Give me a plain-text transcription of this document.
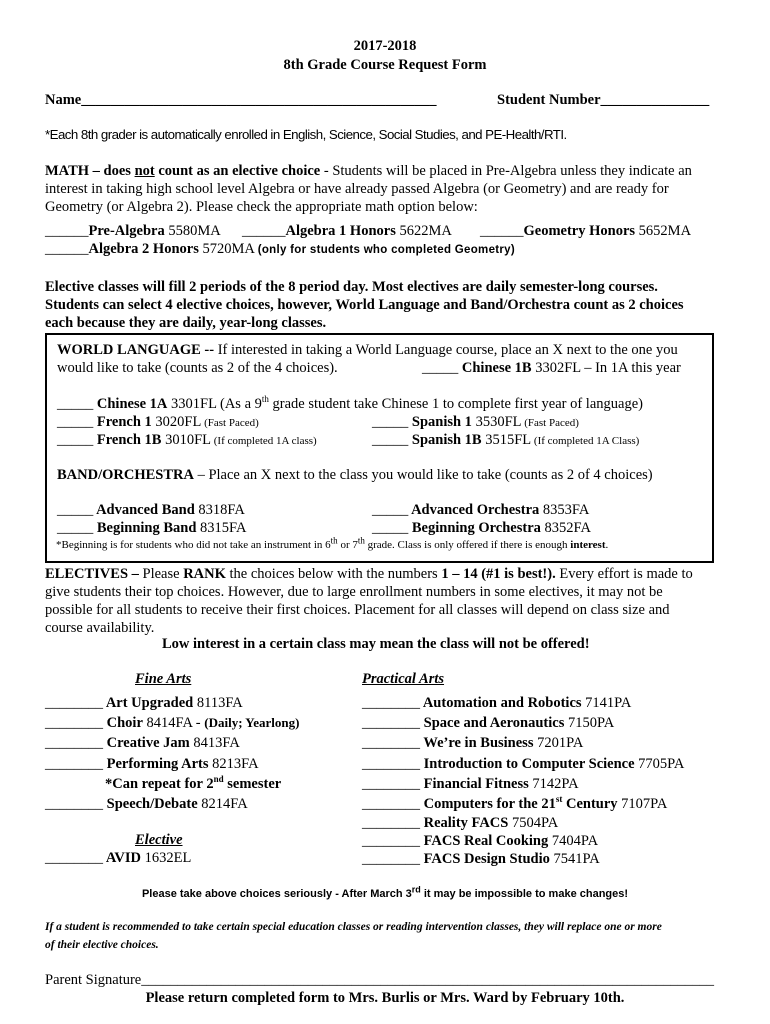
2017-2018
8th Grade Course Request Form
Name_________________________________________________	Student Number_______________
*Each 8th grader is automatically enrolled in English, Science, Social Studies, and PE-Health/RTI.
MATH – does not count as an elective choice - Students will be placed in Pre-Algebra unless they indicate an
interest in taking high school level Algebra or have already passed Algebra (or Geometry) and are ready for
Geometry (or Algebra 2). Please check the appropriate math option below:
______Pre-Algebra 5580MA ______Algebra 1 Honors 5622MA ______Geometry Honors 5652MA
______Algebra 2 Honors 5720MA (only for students who completed Geometry)
Elective classes will fill 2 periods of the 8 period day. Most electives are daily semester-long courses.
Students can select 4 elective choices, however, World Language and Band/Orchestra count as 2 choices
each because they are daily, year-long classes.
WORLD LANGUAGE -- If interested in taking a World Language course, place an X next to the one you
would like to take (counts as 2 of the 4 choices).	_____ Chinese 1B 3302FL – In 1A this year
_____ Chinese 1A 3301FL (As a 9th grade student take Chinese 1 to complete first year of language)
_____ French 1 3020FL (Fast Paced)	_____ Spanish 1 3530FL (Fast Paced)
_____ French 1B 3010FL (If completed 1A class)	_____ Spanish 1B 3515FL (If completed 1A Class)
BAND/ORCHESTRA – Place an X next to the class you would like to take (counts as 2 of 4 choices)
_____ Advanced Band 8318FA	_____ Advanced Orchestra 8353FA
_____ Beginning Band 8315FA	_____ Beginning Orchestra 8352FA
*Beginning is for students who did not take an instrument in 6th or 7th grade. Class is only offered if there is enough interest.
ELECTIVES – Please RANK the choices below with the numbers 1 – 14 (#1 is best!). Every effort is made to
give students their top choices. However, due to large enrollment numbers in some electives, it may not be
possible for all students to receive their first choices. Placement for all classes will depend on class size and
course availability.
Low interest in a certain class may mean the class will not be offered!
Fine Arts
________ Art Upgraded 8113FA
________ Choir 8414FA - (Daily; Yearlong)
________ Creative Jam 8413FA
________ Performing Arts 8213FA
*Can repeat for 2nd semester
________ Speech/Debate 8214FA
Elective
________ AVID 1632EL
Practical Arts
________ Automation and Robotics 7141PA
________ Space and Aeronautics 7150PA
________ We’re in Business 7201PA
________ Introduction to Computer Science 7705PA
________ Financial Fitness 7142PA
________ Computers for the 21st Century 7107PA
________ Reality FACS 7504PA
________ FACS Real Cooking 7404PA
________ FACS Design Studio 7541PA
Please take above choices seriously - After March 3rd it may be impossible to make changes!
If a student is recommended to take certain special education classes or reading intervention classes, they will replace one or more
of their elective choices.
Parent Signature_______________________________________________________________________________
Please return completed form to Mrs. Burlis or Mrs. Ward by February 10th.
